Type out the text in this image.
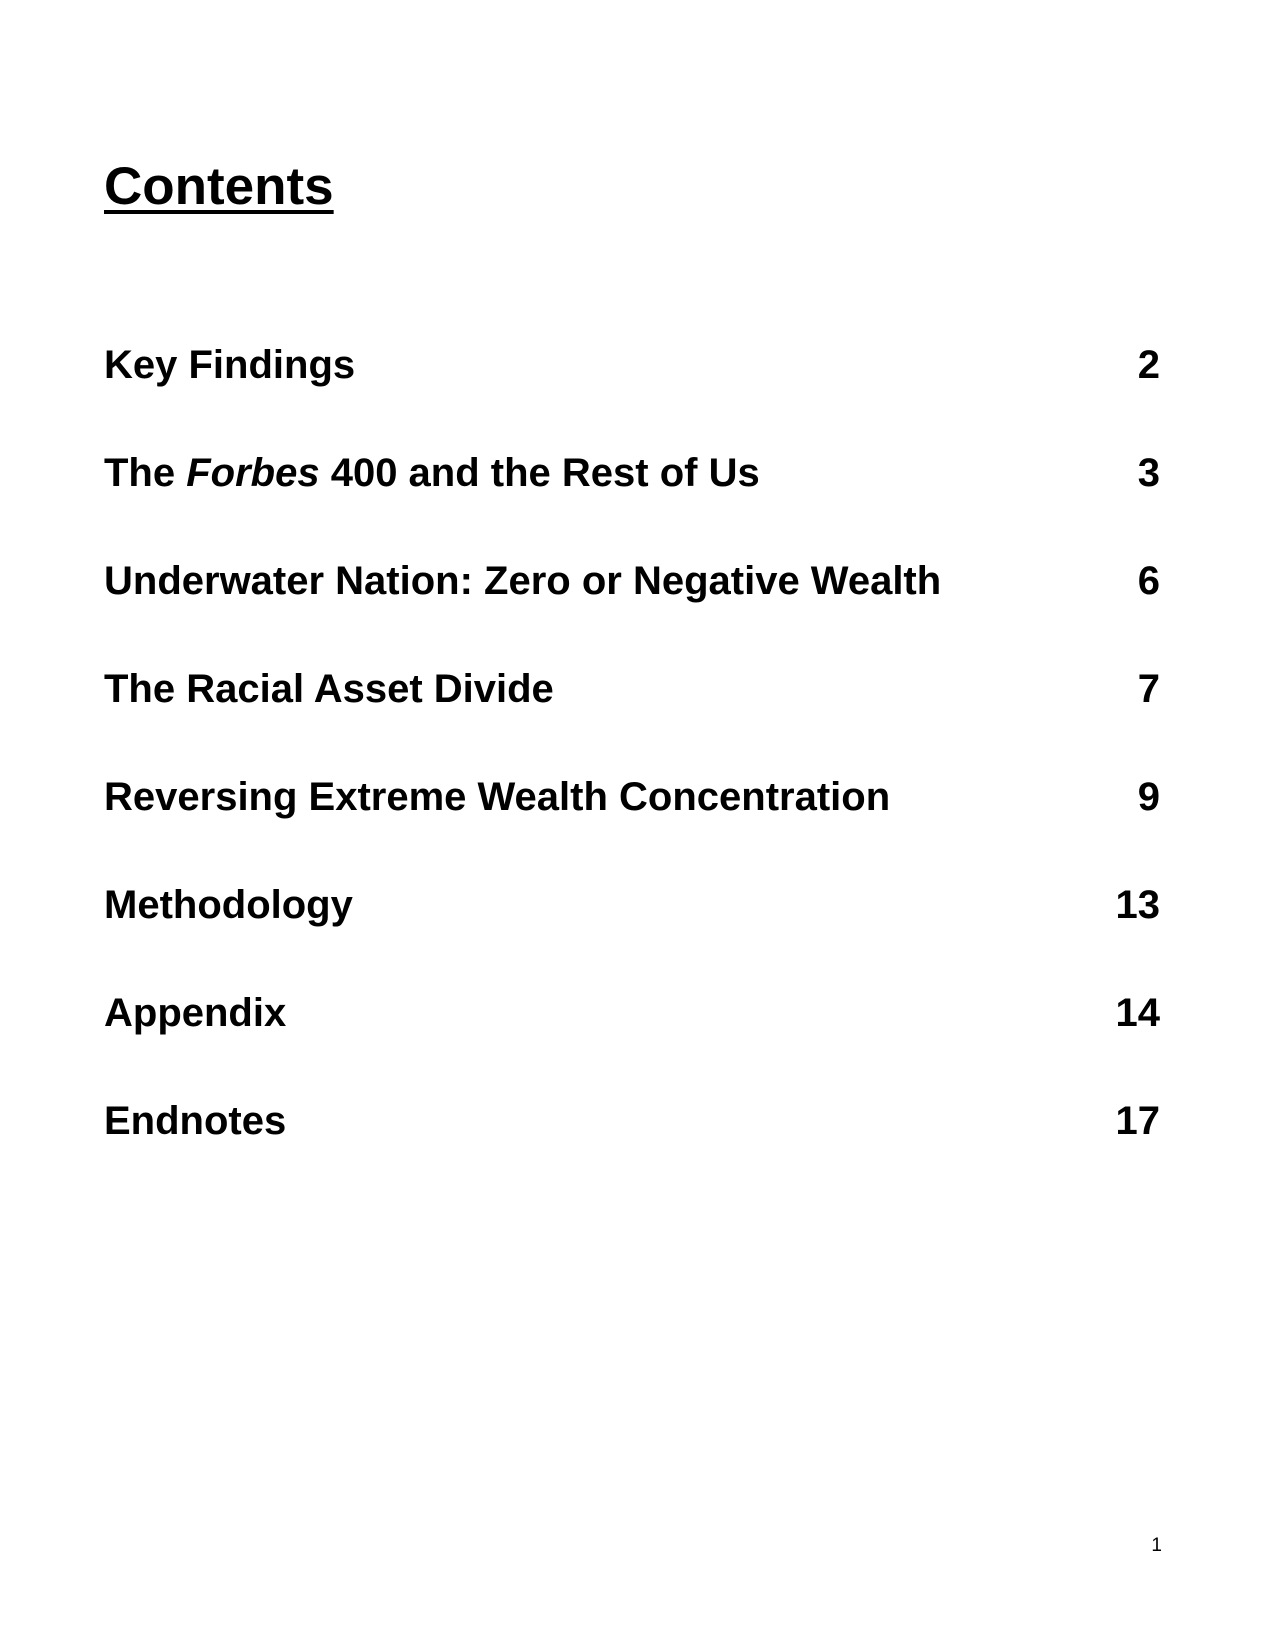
Contents
Key Findings	2
The Forbes 400 and the Rest of Us	3
Underwater Nation: Zero or Negative Wealth	6
The Racial Asset Divide	7
Reversing Extreme Wealth Concentration	9
Methodology	13
Appendix	14
Endnotes	17
1
